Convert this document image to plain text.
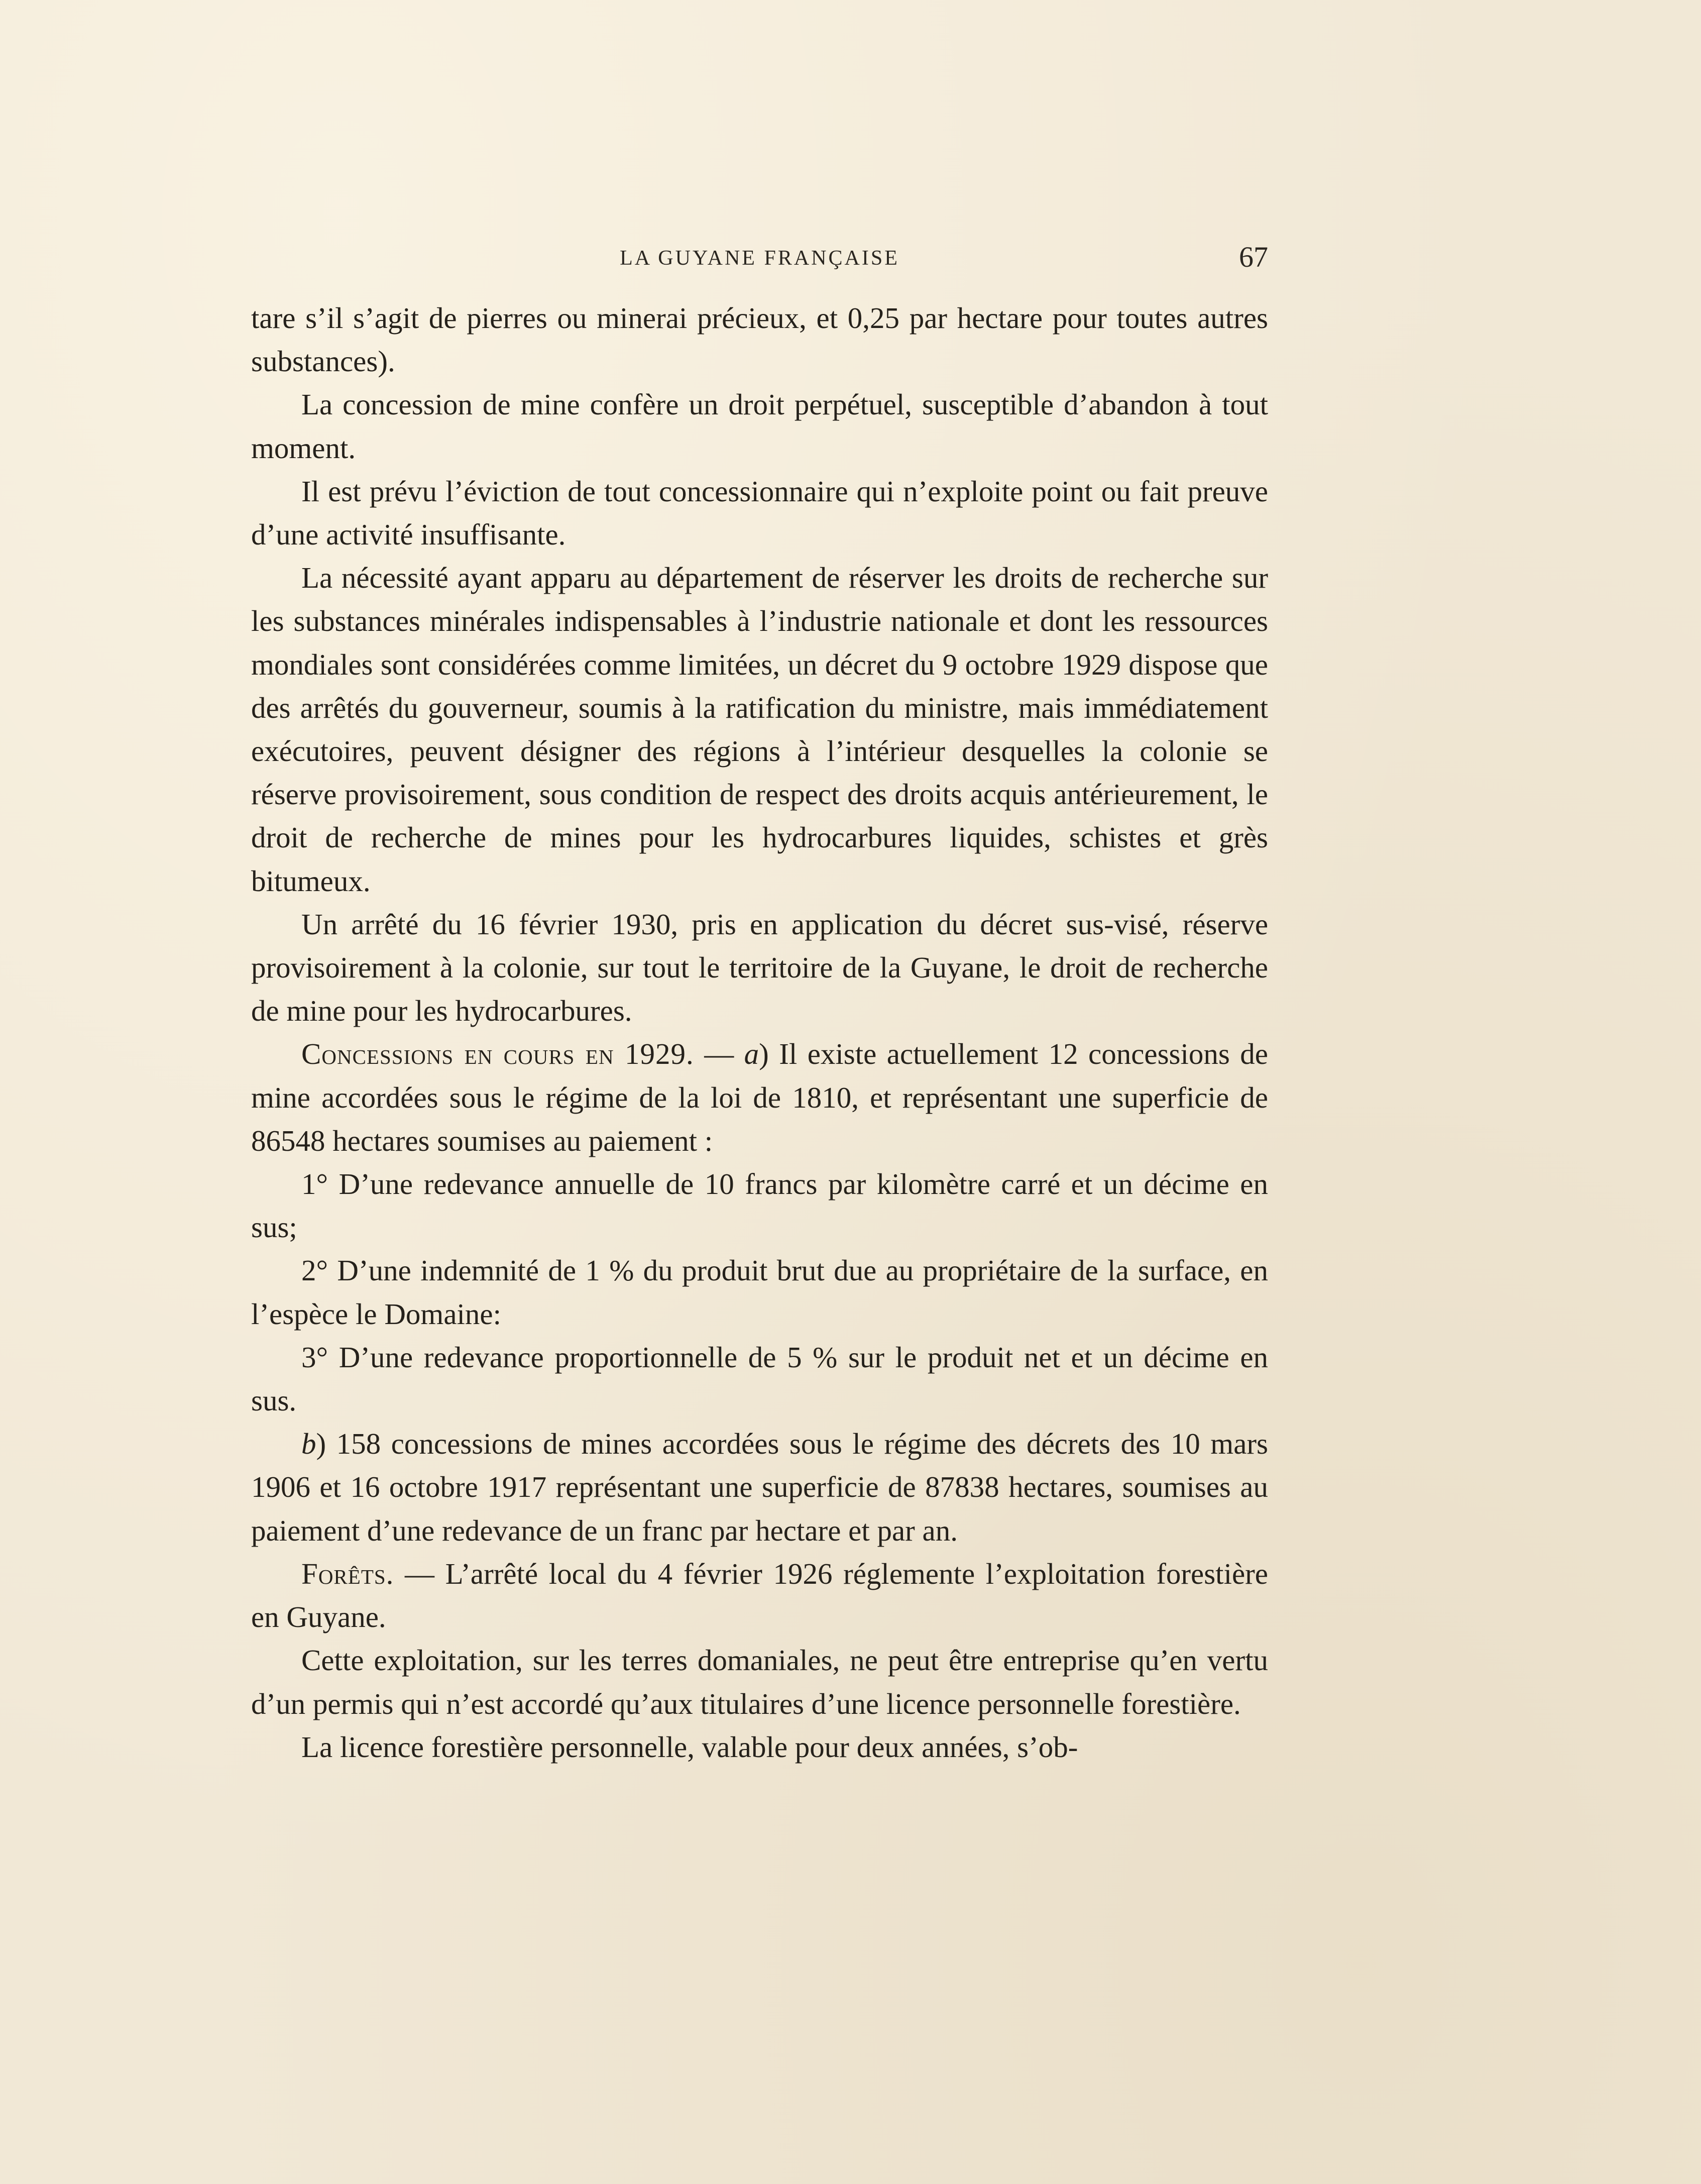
LA GUYANE FRANÇAISE	67

tare s’il s’agit de pierres ou minerai précieux, et 0,25 par hectare pour toutes autres substances).

La concession de mine confère un droit perpétuel, susceptible d’abandon à tout moment.

Il est prévu l’éviction de tout concessionnaire qui n’exploite point ou fait preuve d’une activité insuffisante.

La nécessité ayant apparu au département de réserver les droits de recherche sur les substances minérales indispensables à l’industrie nationale et dont les ressources mondiales sont considérées comme limitées, un décret du 9 octobre 1929 dispose que des arrêtés du gouverneur, soumis à la ratification du ministre, mais immédiatement exécutoires, peuvent désigner des régions à l’intérieur desquelles la colonie se réserve provisoirement, sous condition de respect des droits acquis antérieurement, le droit de recherche de mines pour les hydrocarbures liquides, schistes et grès bitumeux.

Un arrêté du 16 février 1930, pris en application du décret sus-visé, réserve provisoirement à la colonie, sur tout le territoire de la Guyane, le droit de recherche de mine pour les hydrocarbures.

Concessions en cours en 1929. — a) Il existe actuellement 12 concessions de mine accordées sous le régime de la loi de 1810, et représentant une superficie de 86548 hectares soumises au paiement :

1° D’une redevance annuelle de 10 francs par kilomètre carré et un décime en sus;

2° D’une indemnité de 1 % du produit brut due au propriétaire de la surface, en l’espèce le Domaine:

3° D’une redevance proportionnelle de 5 % sur le produit net et un décime en sus.

b) 158 concessions de mines accordées sous le régime des décrets des 10 mars 1906 et 16 octobre 1917 représentant une superficie de 87838 hectares, soumises au paiement d’une redevance de un franc par hectare et par an.

Forêts. — L’arrêté local du 4 février 1926 réglemente l’exploitation forestière en Guyane.

Cette exploitation, sur les terres domaniales, ne peut être entreprise qu’en vertu d’un permis qui n’est accordé qu’aux titulaires d’une licence personnelle forestière.

La licence forestière personnelle, valable pour deux années, s’ob-
